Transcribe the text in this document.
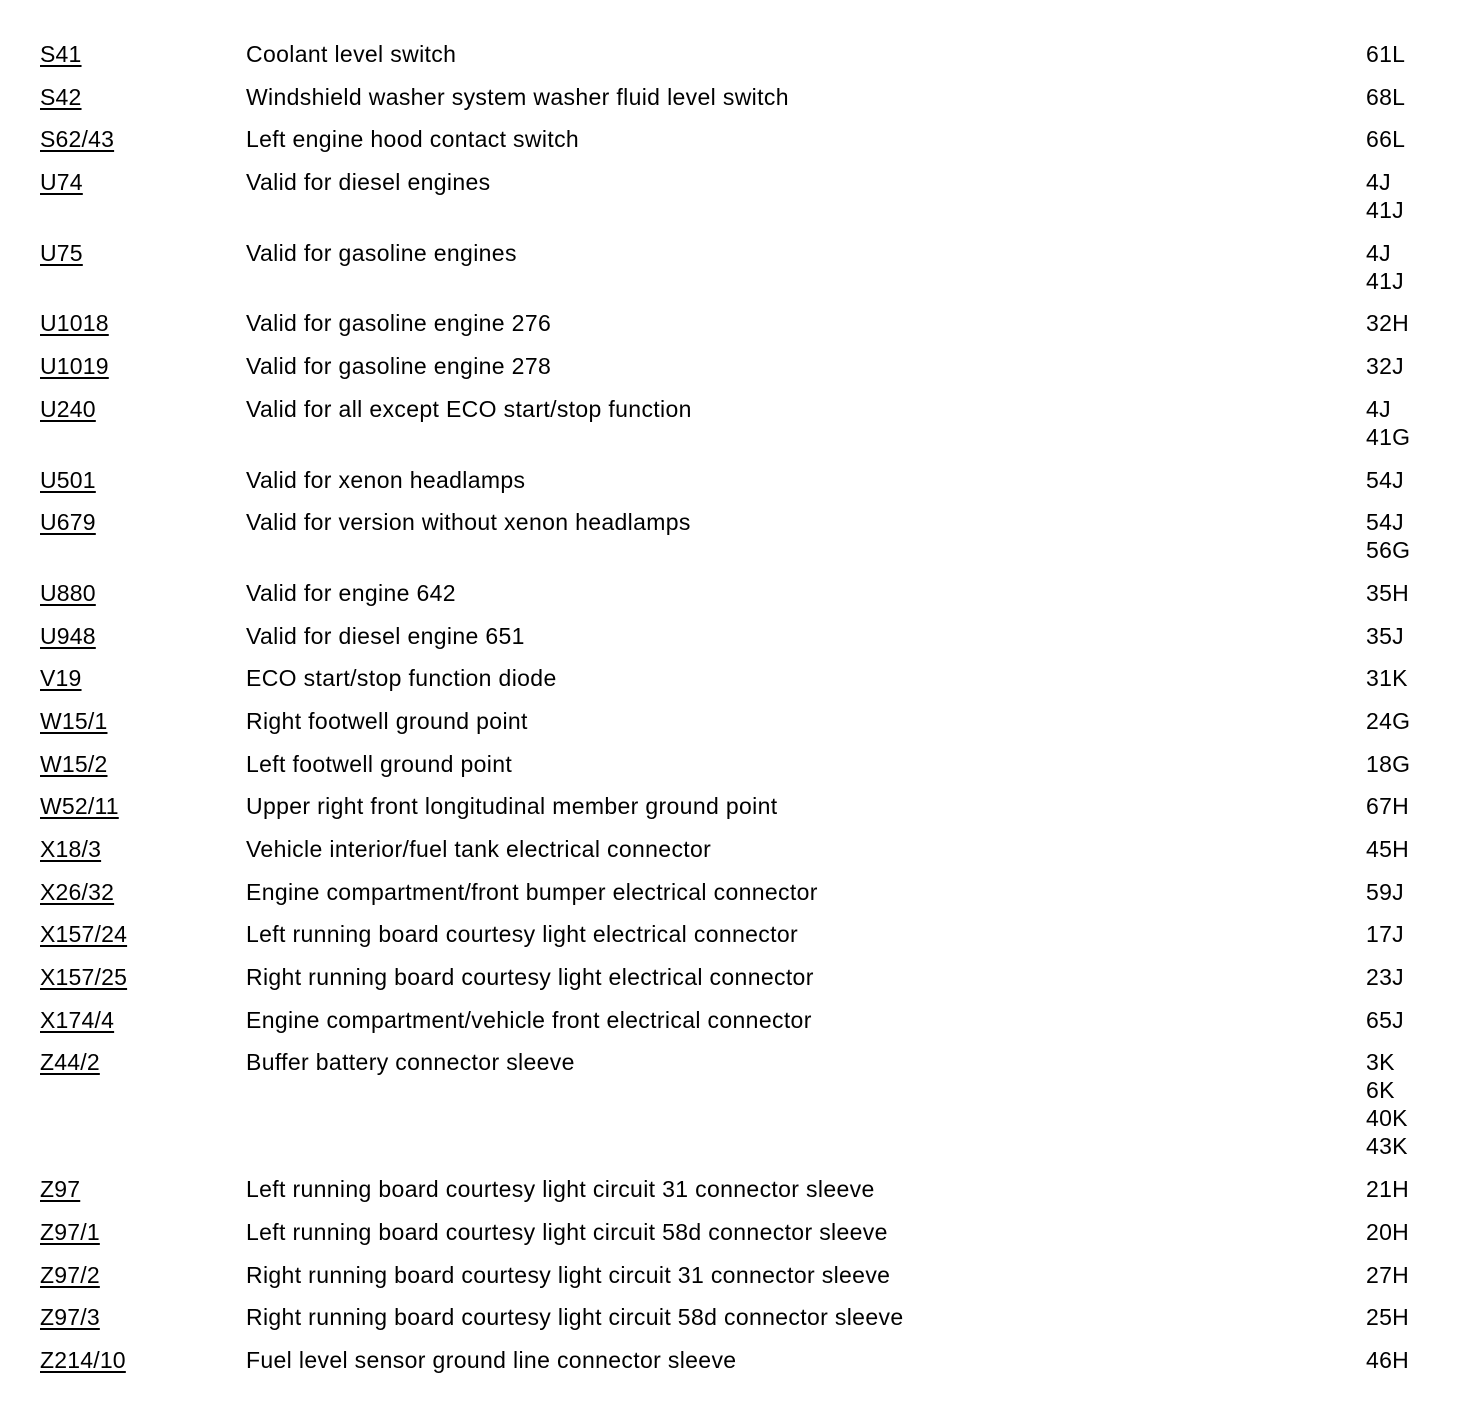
S41	Coolant level switch	61L
S42	Windshield washer system washer fluid level switch	68L
S62/43	Left engine hood contact switch	66L
U74	Valid for diesel engines	4J
41J
U75	Valid for gasoline engines	4J
41J
U1018	Valid for gasoline engine 276	32H
U1019	Valid for gasoline engine 278	32J
U240	Valid for all except ECO start/stop function	4J
41G
U501	Valid for xenon headlamps	54J
U679	Valid for version without xenon headlamps	54J
56G
U880	Valid for engine 642	35H
U948	Valid for diesel engine 651	35J
V19	ECO start/stop function diode	31K
W15/1	Right footwell ground point	24G
W15/2	Left footwell ground point	18G
W52/11	Upper right front longitudinal member ground point	67H
X18/3	Vehicle interior/fuel tank electrical connector	45H
X26/32	Engine compartment/front bumper electrical connector	59J
X157/24	Left running board courtesy light electrical connector	17J
X157/25	Right running board courtesy light electrical connector	23J
X174/4	Engine compartment/vehicle front electrical connector	65J
Z44/2	Buffer battery connector sleeve	3K
6K
40K
43K
Z97	Left running board courtesy light circuit 31 connector sleeve	21H
Z97/1	Left running board courtesy light circuit 58d connector sleeve	20H
Z97/2	Right running board courtesy light circuit 31 connector sleeve	27H
Z97/3	Right running board courtesy light circuit 58d connector sleeve	25H
Z214/10	Fuel level sensor ground line connector sleeve	46H
